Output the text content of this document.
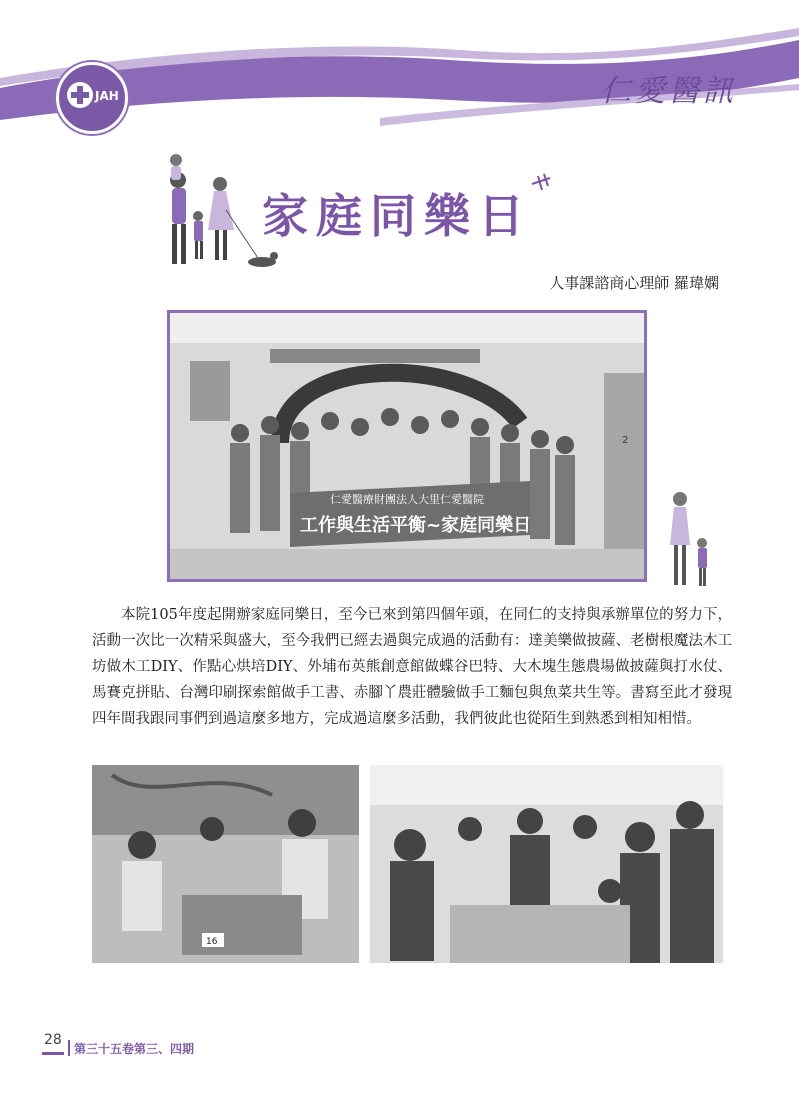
JAH	仁愛醫訊
家庭同樂日
人事課諮商心理師 羅瑋嫻
2
仁愛醫療財團法人大里仁愛醫院
工作與生活平衡~家庭同樂日

本院105年度起開辦家庭同樂日，至今已來到第四個年頭，在同仁的支持與承辦單位的努力下，活動一次比一次精采與盛大，至今我們已經去過與完成過的活動有：達美樂做披薩、老樹根魔法木工坊做木工DIY、作點心烘培DIY、外埔布英熊創意館做蝶谷巴特、大木塊生態農場做披薩與打水仗、馬賽克拼貼、台灣印刷探索館做手工書、赤腳丫農莊體驗做手工麵包與魚菜共生等。書寫至此才發現四年間我跟同事們到過這麼多地方，完成過這麼多活動，我們彼此也從陌生到熟悉到相知相惜。

16
28
第三十五卷第三、四期
